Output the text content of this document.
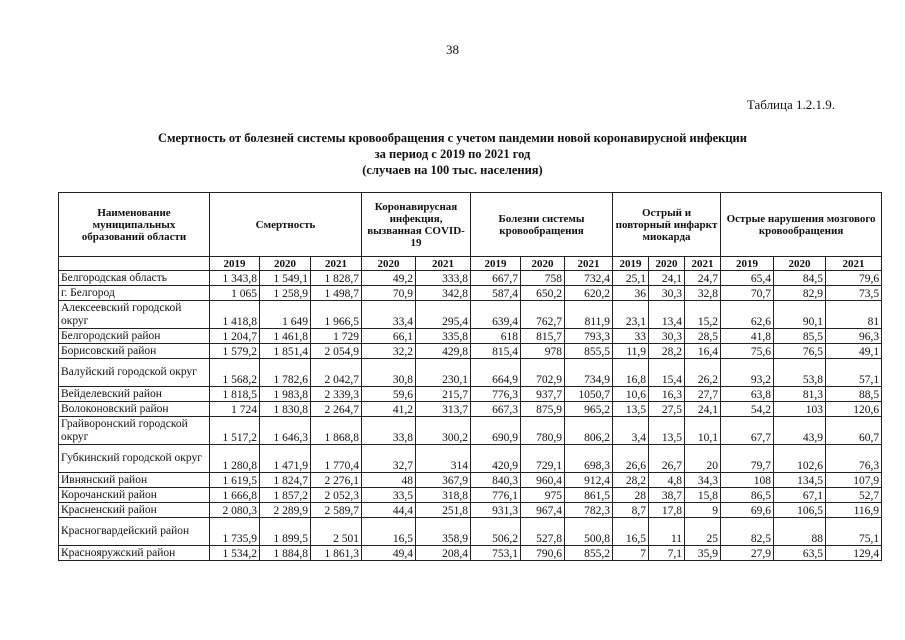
38
Таблица 1.2.1.9.
Смертность от болезней системы кровообращения с учетом пандемии новой коронавирусной инфекции
за период с 2019 по 2021 год
(случаев на 100 тыс. населения)
Наименование муниципальных образований области	Смертность			Коронавирусная инфекция, вызванная COVID-19		Болезни системы кровообращения			Острый и повторный инфаркт миокарда			Острые нарушения мозгового кровообращения		
	2019	2020	2021	2020	2021	2019	2020	2021	2019	2020	2021	2019	2020	2021
Белгородская область	1 343,8	1 549,1	1 828,7	49,2	333,8	667,7	758	732,4	25,1	24,1	24,7	65,4	84,5	79,6
г. Белгород	1 065	1 258,9	1 498,7	70,9	342,8	587,4	650,2	620,2	36	30,3	32,8	70,7	82,9	73,5
Алексеевский городской округ	1 418,8	1 649	1 966,5	33,4	295,4	639,4	762,7	811,9	23,1	13,4	15,2	62,6	90,1	81
Белгородский район	1 204,7	1 461,8	1 729	66,1	335,8	618	815,7	793,3	33	30,3	28,5	41,8	85,5	96,3
Борисовский район	1 579,2	1 851,4	2 054,9	32,2	429,8	815,4	978	855,5	11,9	28,2	16,4	75,6	76,5	49,1
Валуйский городской округ	1 568,2	1 782,6	2 042,7	30,8	230,1	664,9	702,9	734,9	16,8	15,4	26,2	93,2	53,8	57,1
Вейделевский район	1 818,5	1 983,8	2 339,3	59,6	215,7	776,3	937,7	1050,7	10,6	16,3	27,7	63,8	81,3	88,5
Волоконовский район	1 724	1 830,8	2 264,7	41,2	313,7	667,3	875,9	965,2	13,5	27,5	24,1	54,2	103	120,6
Грайворонский городской округ	1 517,2	1 646,3	1 868,8	33,8	300,2	690,9	780,9	806,2	3,4	13,5	10,1	67,7	43,9	60,7
Губкинский городской округ	1 280,8	1 471,9	1 770,4	32,7	314	420,9	729,1	698,3	26,6	26,7	20	79,7	102,6	76,3
Ивнянский район	1 619,5	1 824,7	2 276,1	48	367,9	840,3	960,4	912,4	28,2	4,8	34,3	108	134,5	107,9
Корочанский район	1 666,8	1 857,2	2 052,3	33,5	318,8	776,1	975	861,5	28	38,7	15,8	86,5	67,1	52,7
Красненский район	2 080,3	2 289,9	2 589,7	44,4	251,8	931,3	967,4	782,3	8,7	17,8	9	69,6	106,5	116,9
Красногвардейский район	1 735,9	1 899,5	2 501	16,5	358,9	506,2	527,8	500,8	16,5	11	25	82,5	88	75,1
Краснояружский район	1 534,2	1 884,8	1 861,3	49,4	208,4	753,1	790,6	855,2	7	7,1	35,9	27,9	63,5	129,4
